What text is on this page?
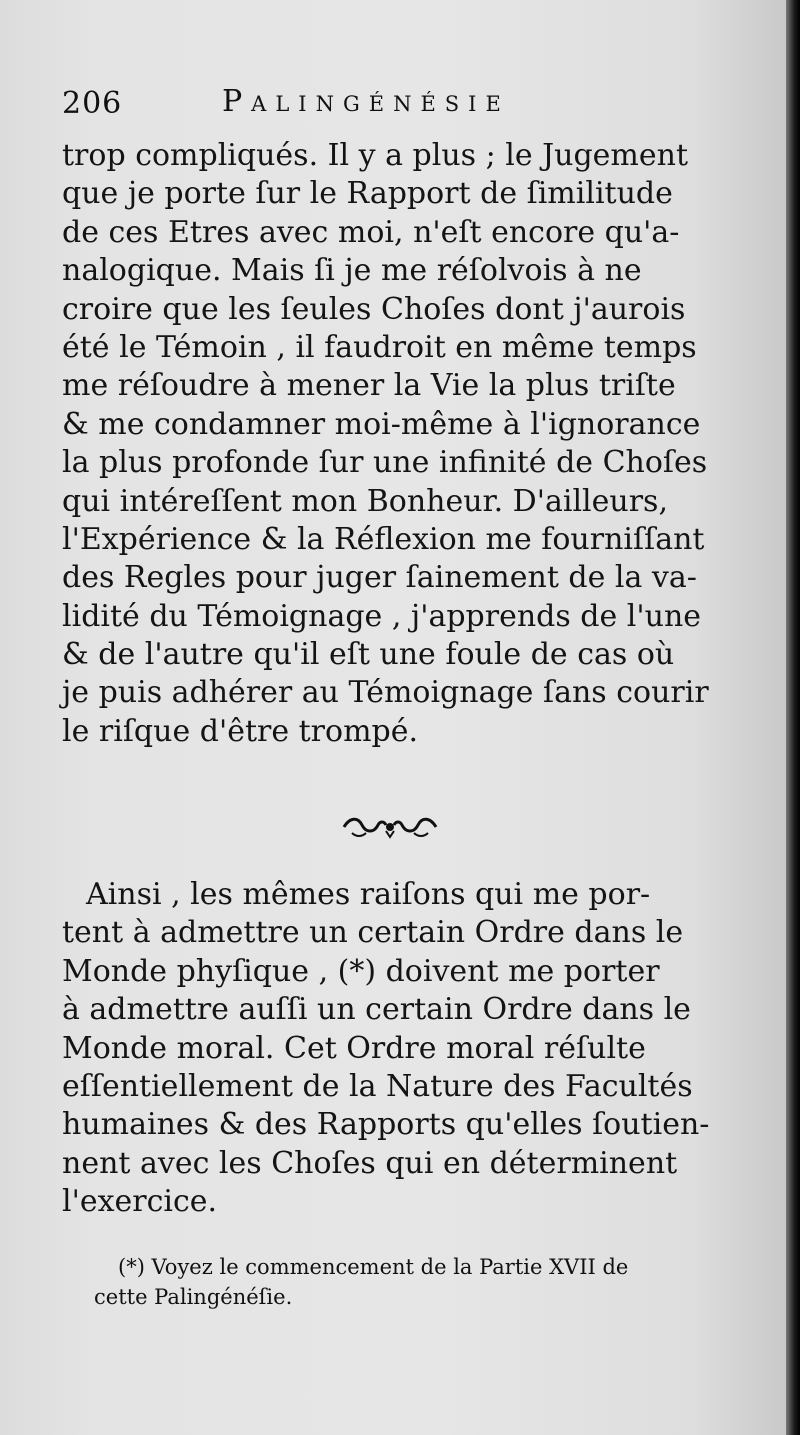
206	Palingénésie
trop compliqués. Il y a plus ; le Jugement
que je porte ſur le Rapport de ſimilitude
de ces Etres avec moi, n'eſt encore qu'a-
nalogique. Mais ſi je me réſolvois à ne
croire que les ſeules Choſes dont j'aurois
été le Témoin , il faudroit en même temps
me réſoudre à mener la Vie la plus triſte
& me condamner moi-même à l'ignorance
la plus profonde ſur une infinité de Choſes
qui intéreſſent mon Bonheur. D'ailleurs,
l'Expérience & la Réflexion me fourniſſant
des Regles pour juger ſainement de la va-
lidité du Témoignage , j'apprends de l'une
& de l'autre qu'il eſt une foule de cas où
je puis adhérer au Témoignage ſans courir
le riſque d'être trompé.
Ainsi , les mêmes raiſons qui me por-
tent à admettre un certain Ordre dans le
Monde phyſique , (*) doivent me porter
à admettre auſſi un certain Ordre dans le
Monde moral. Cet Ordre moral réſulte
eſſentiellement de la Nature des Facultés
humaines & des Rapports qu'elles ſoutien-
nent avec les Choſes qui en déterminent
l'exercice.
(*) Voyez le commencement de la Partie XVII de
cette Palingénéſie.
